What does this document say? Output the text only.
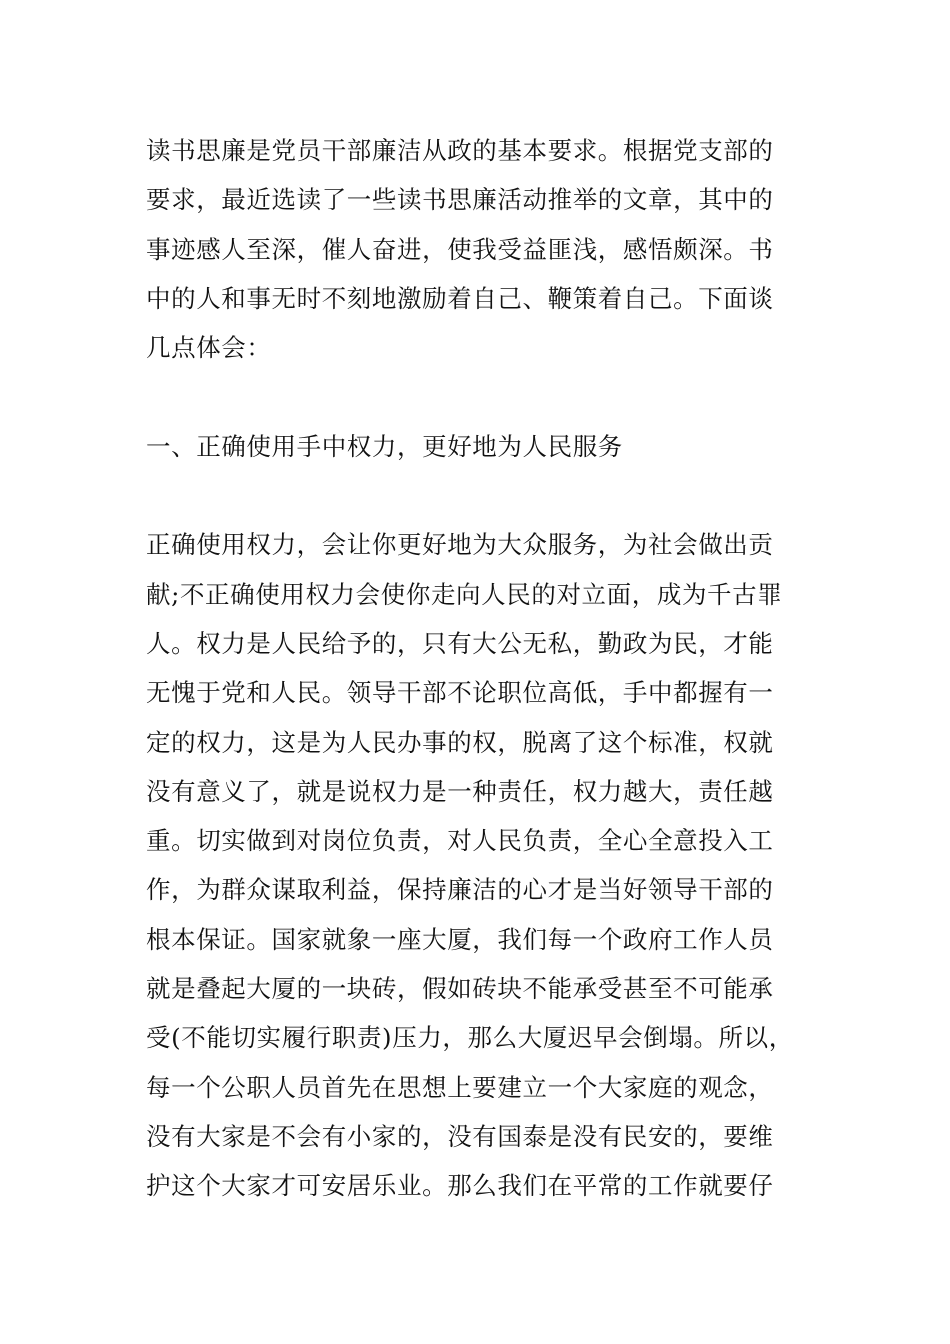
读书思廉是党员干部廉洁从政的基本要求。根据党支部的
要求，最近选读了一些读书思廉活动推举的文章，其中的
事迹感人至深，催人奋进，使我受益匪浅，感悟颇深。书
中的人和事无时不刻地激励着自己、鞭策着自己。下面谈
几点体会：

一、正确使用手中权力，更好地为人民服务

正确使用权力，会让你更好地为大众服务，为社会做出贡
献;不正确使用权力会使你走向人民的对立面，成为千古罪
人。权力是人民给予的，只有大公无私，勤政为民，才能
无愧于党和人民。领导干部不论职位高低，手中都握有一
定的权力，这是为人民办事的权，脱离了这个标准，权就
没有意义了，就是说权力是一种责任，权力越大，责任越
重。切实做到对岗位负责，对人民负责，全心全意投入工
作，为群众谋取利益，保持廉洁的心才是当好领导干部的
根本保证。国家就象一座大厦，我们每一个政府工作人员
就是叠起大厦的一块砖，假如砖块不能承受甚至不可能承
受(不能切实履行职责)压力，那么大厦迟早会倒塌。所以，
每一个公职人员首先在思想上要建立一个大家庭的观念，
没有大家是不会有小家的，没有国泰是没有民安的，要维
护这个大家才可安居乐业。那么我们在平常的工作就要仔
